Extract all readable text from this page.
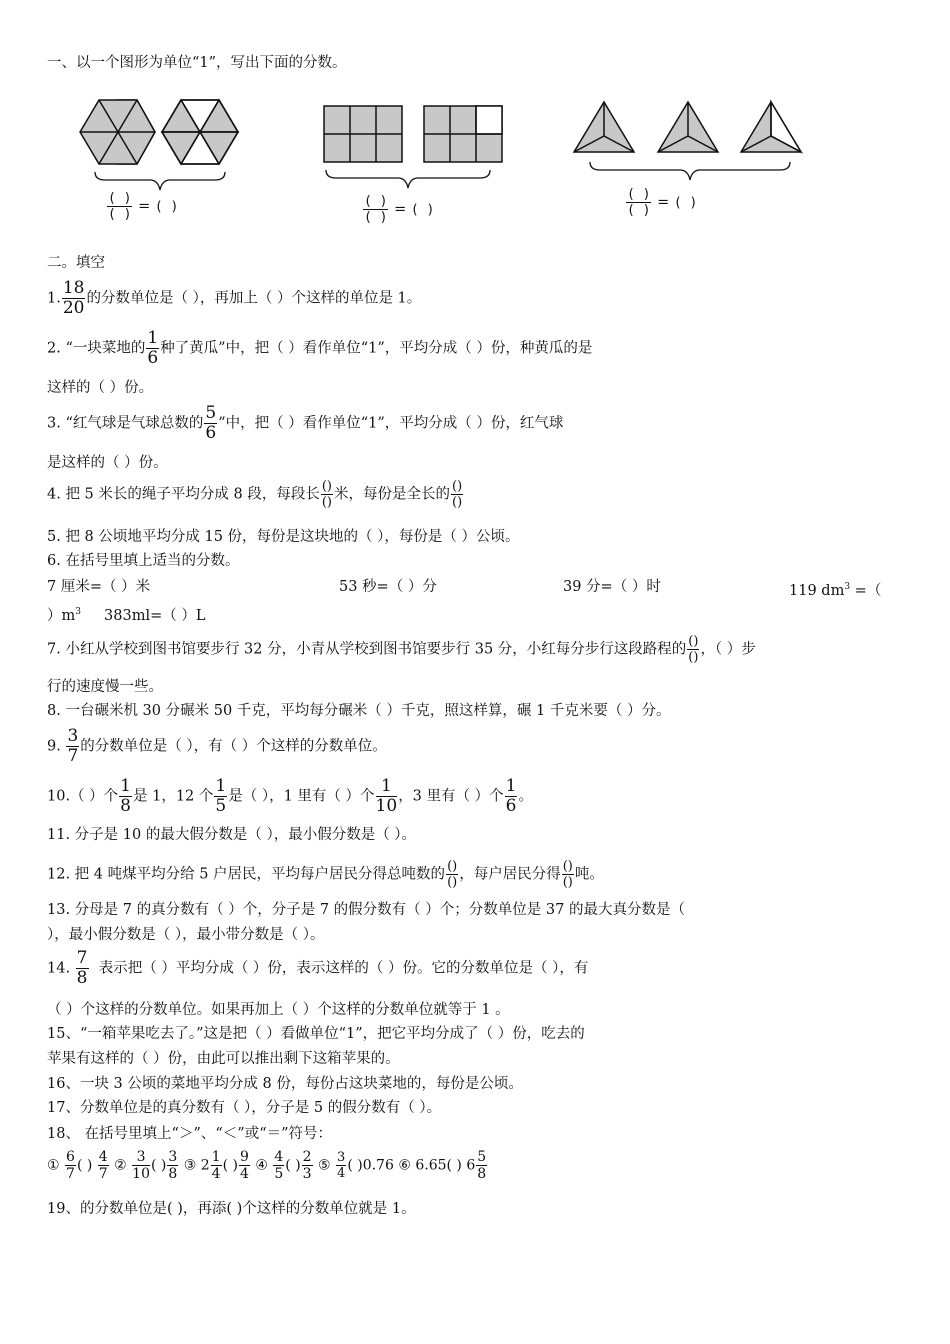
一、以一个图形为单位“1”，写出下面的分数。
$\frac{( )}{( )}$ = ( )	$\frac{( )}{( )}$ = ( )	$\frac{( )}{( )}$ = ( )
二。填空
1. $\frac{18}{20}$ 的分数单位是（ ），再加上（ ）个这样的单位是 1。
2. “一块菜地的 $\frac{1}{6}$ 种了黄瓜”中，把（ ）看作单位“1”，平均分成（ ）份，种黄瓜的是
这样的（ ）份。
3. “红气球是气球总数的 $\frac{5}{6}$ ”中，把（ ）看作单位“1”，平均分成（ ）份，红气球
是这样的（ ）份。
4. 把 5 米长的绳子平均分成 8 段，每段长 $\frac{()}{()}$ 米，每份是全长的 $\frac{()}{()}$
5. 把 8 公顷地平均分成 15 份，每份是这块地的（ ），每份是（ ）公顷。
6. 在括号里填上适当的分数。
7 厘米=（ ）米	53 秒=（ ）分	39 分=（ ）时	119 $dm^3$ =（
）$m^3$ 383ml=（ ）L
7. 小红从学校到图书馆要步行 32 分，小青从学校到图书馆要步行 35 分，小红每分步行这段路程的 $\frac{()}{()}$ ，（ ）步
行的速度慢一些。
8. 一台碾米机 30 分碾米 50 千克，平均每分碾米（ ）千克，照这样算，碾 1 千克米要（ ）分。
9. $\frac{3}{7}$ 的分数单位是（ ），有（ ）个这样的分数单位。
10.（ ）个 $\frac{1}{8}$ 是 1，12 个 $\frac{1}{5}$ 是（ ），1 里有（ ）个 $\frac{1}{10}$ ，3 里有（ ）个 $\frac{1}{6}$ 。
11. 分子是 10 的最大假分数是（ ），最小假分数是（ ）。
12. 把 4 吨煤平均分给 5 户居民，平均每户居民分得总吨数的 $\frac{()}{()}$ ，每户居民分得 $\frac{()}{()}$ 吨。
13. 分母是 7 的真分数有（ ）个，分子是 7 的假分数有（ ）个；分数单位是 37 的最大真分数是（
），最小假分数是（ ），最小带分数是（ ）。
14. $\frac{7}{8}$ 表示把（ ）平均分成（ ）份，表示这样的（ ）份。它的分数单位是（ ），有
（ ）个这样的分数单位。如果再加上（ ）个这样的分数单位就等于 1 。
15、“一箱苹果吃去了。”这是把（ ）看做单位“1”，把它平均分成了（ ）份，吃去的
苹果有这样的（ ）份，由此可以推出剩下这箱苹果的。
16、一块 3 公顷的菜地平均分成 8 份，每份占这块菜地的，每份是公顷。
17、分数单位是的真分数有（ ），分子是 5 的假分数有（ ）。
18、 在括号里填上“＞”、“＜”或“＝”符号：
① $\frac{6}{7}$ ( ) $\frac{4}{7}$ ② $\frac{3}{10}$ ( ) $\frac{3}{8}$ ③ $2 \frac{1}{4}$ ( ) $\frac{9}{4}$ ④ $\frac{4}{5}$ ( ) $\frac{2}{3}$ ⑤ $\frac{3}{4}$ ( )0.76 ⑥ 6.65( ) $6 \frac{5}{8}$
19、的分数单位是( )，再添( )个这样的分数单位就是 1。
